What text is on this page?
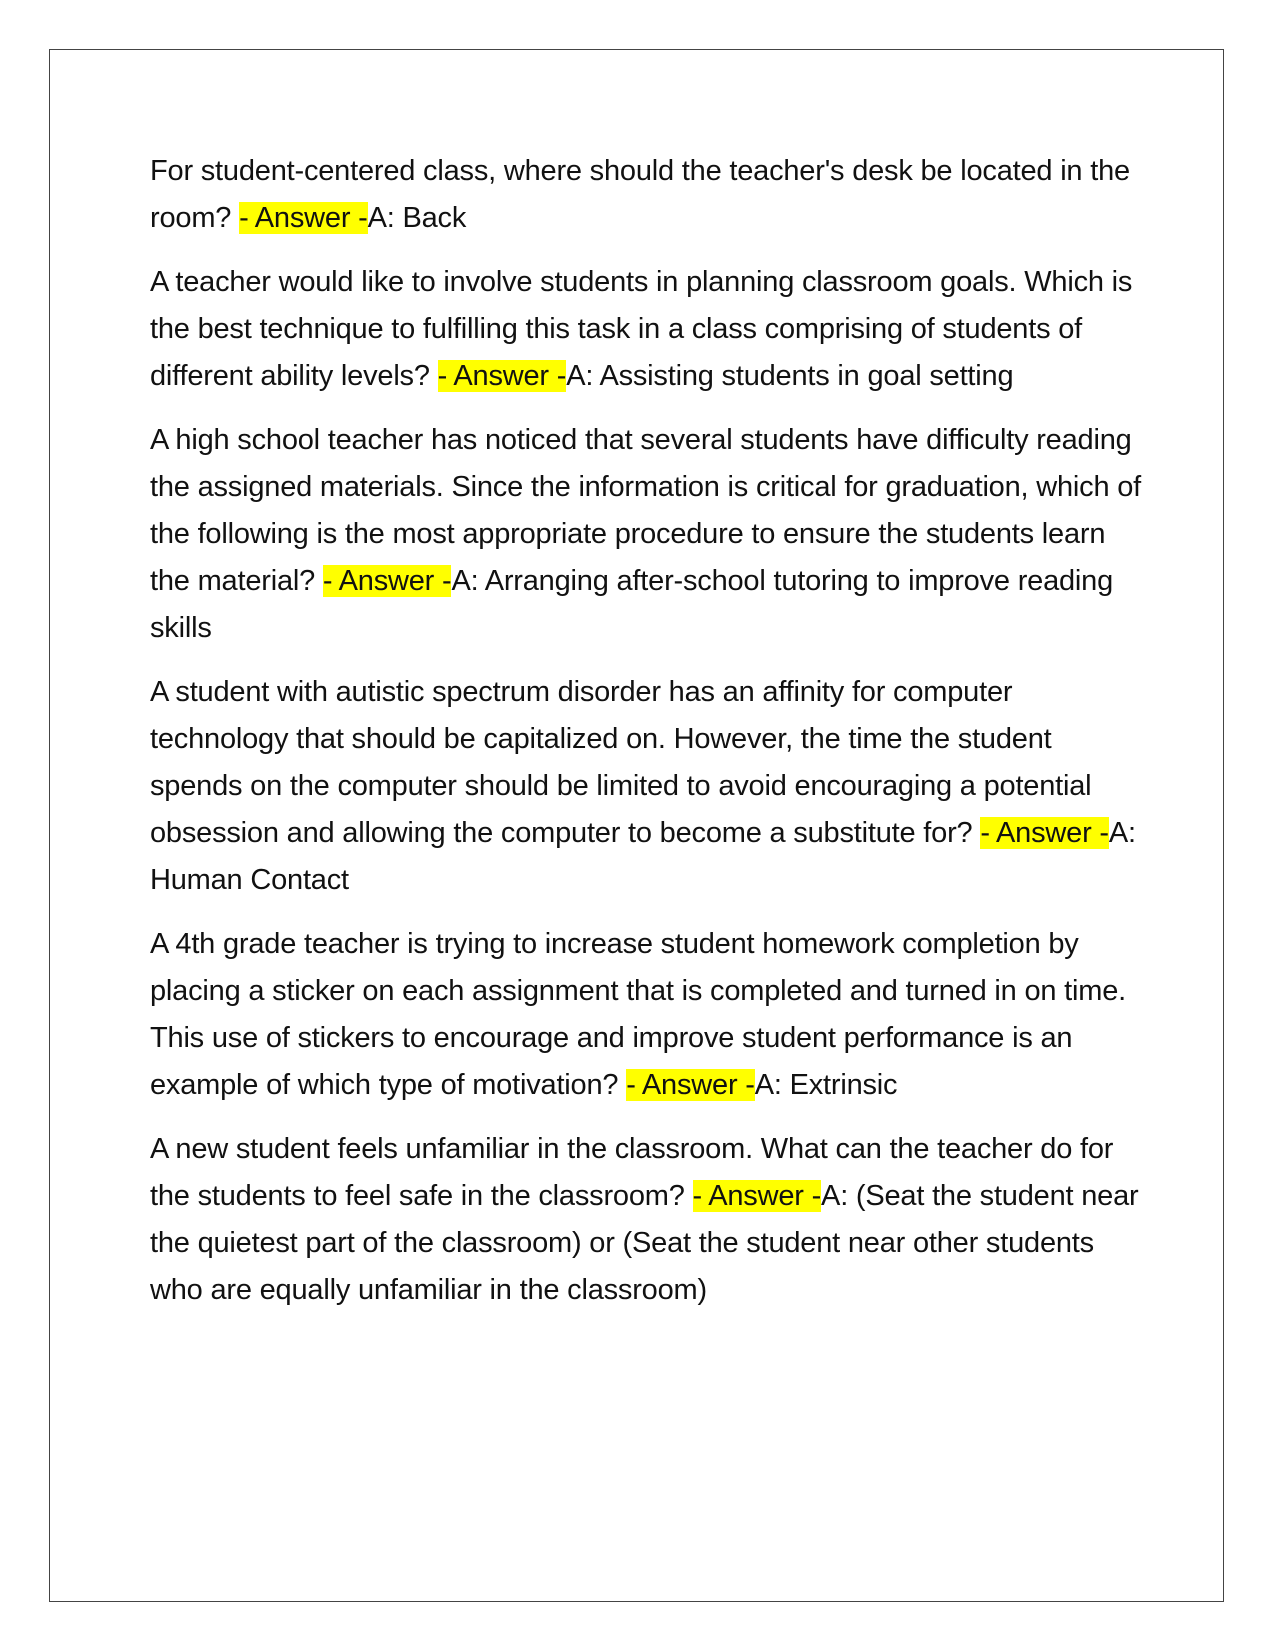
For student-centered class, where should the teacher's desk be located in the room? - Answer -A: Back

A teacher would like to involve students in planning classroom goals. Which is the best technique to fulfilling this task in a class comprising of students of different ability levels? - Answer -A: Assisting students in goal setting

A high school teacher has noticed that several students have difficulty reading the assigned materials. Since the information is critical for graduation, which of the following is the most appropriate procedure to ensure the students learn the material? - Answer -A: Arranging after-school tutoring to improve reading skills

A student with autistic spectrum disorder has an affinity for computer technology that should be capitalized on. However, the time the student spends on the computer should be limited to avoid encouraging a potential obsession and allowing the computer to become a substitute for? - Answer -A: Human Contact

A 4th grade teacher is trying to increase student homework completion by placing a sticker on each assignment that is completed and turned in on time. This use of stickers to encourage and improve student performance is an example of which type of motivation? - Answer -A: Extrinsic

A new student feels unfamiliar in the classroom. What can the teacher do for the students to feel safe in the classroom? - Answer -A: (Seat the student near the quietest part of the classroom) or (Seat the student near other students who are equally unfamiliar in the classroom)
